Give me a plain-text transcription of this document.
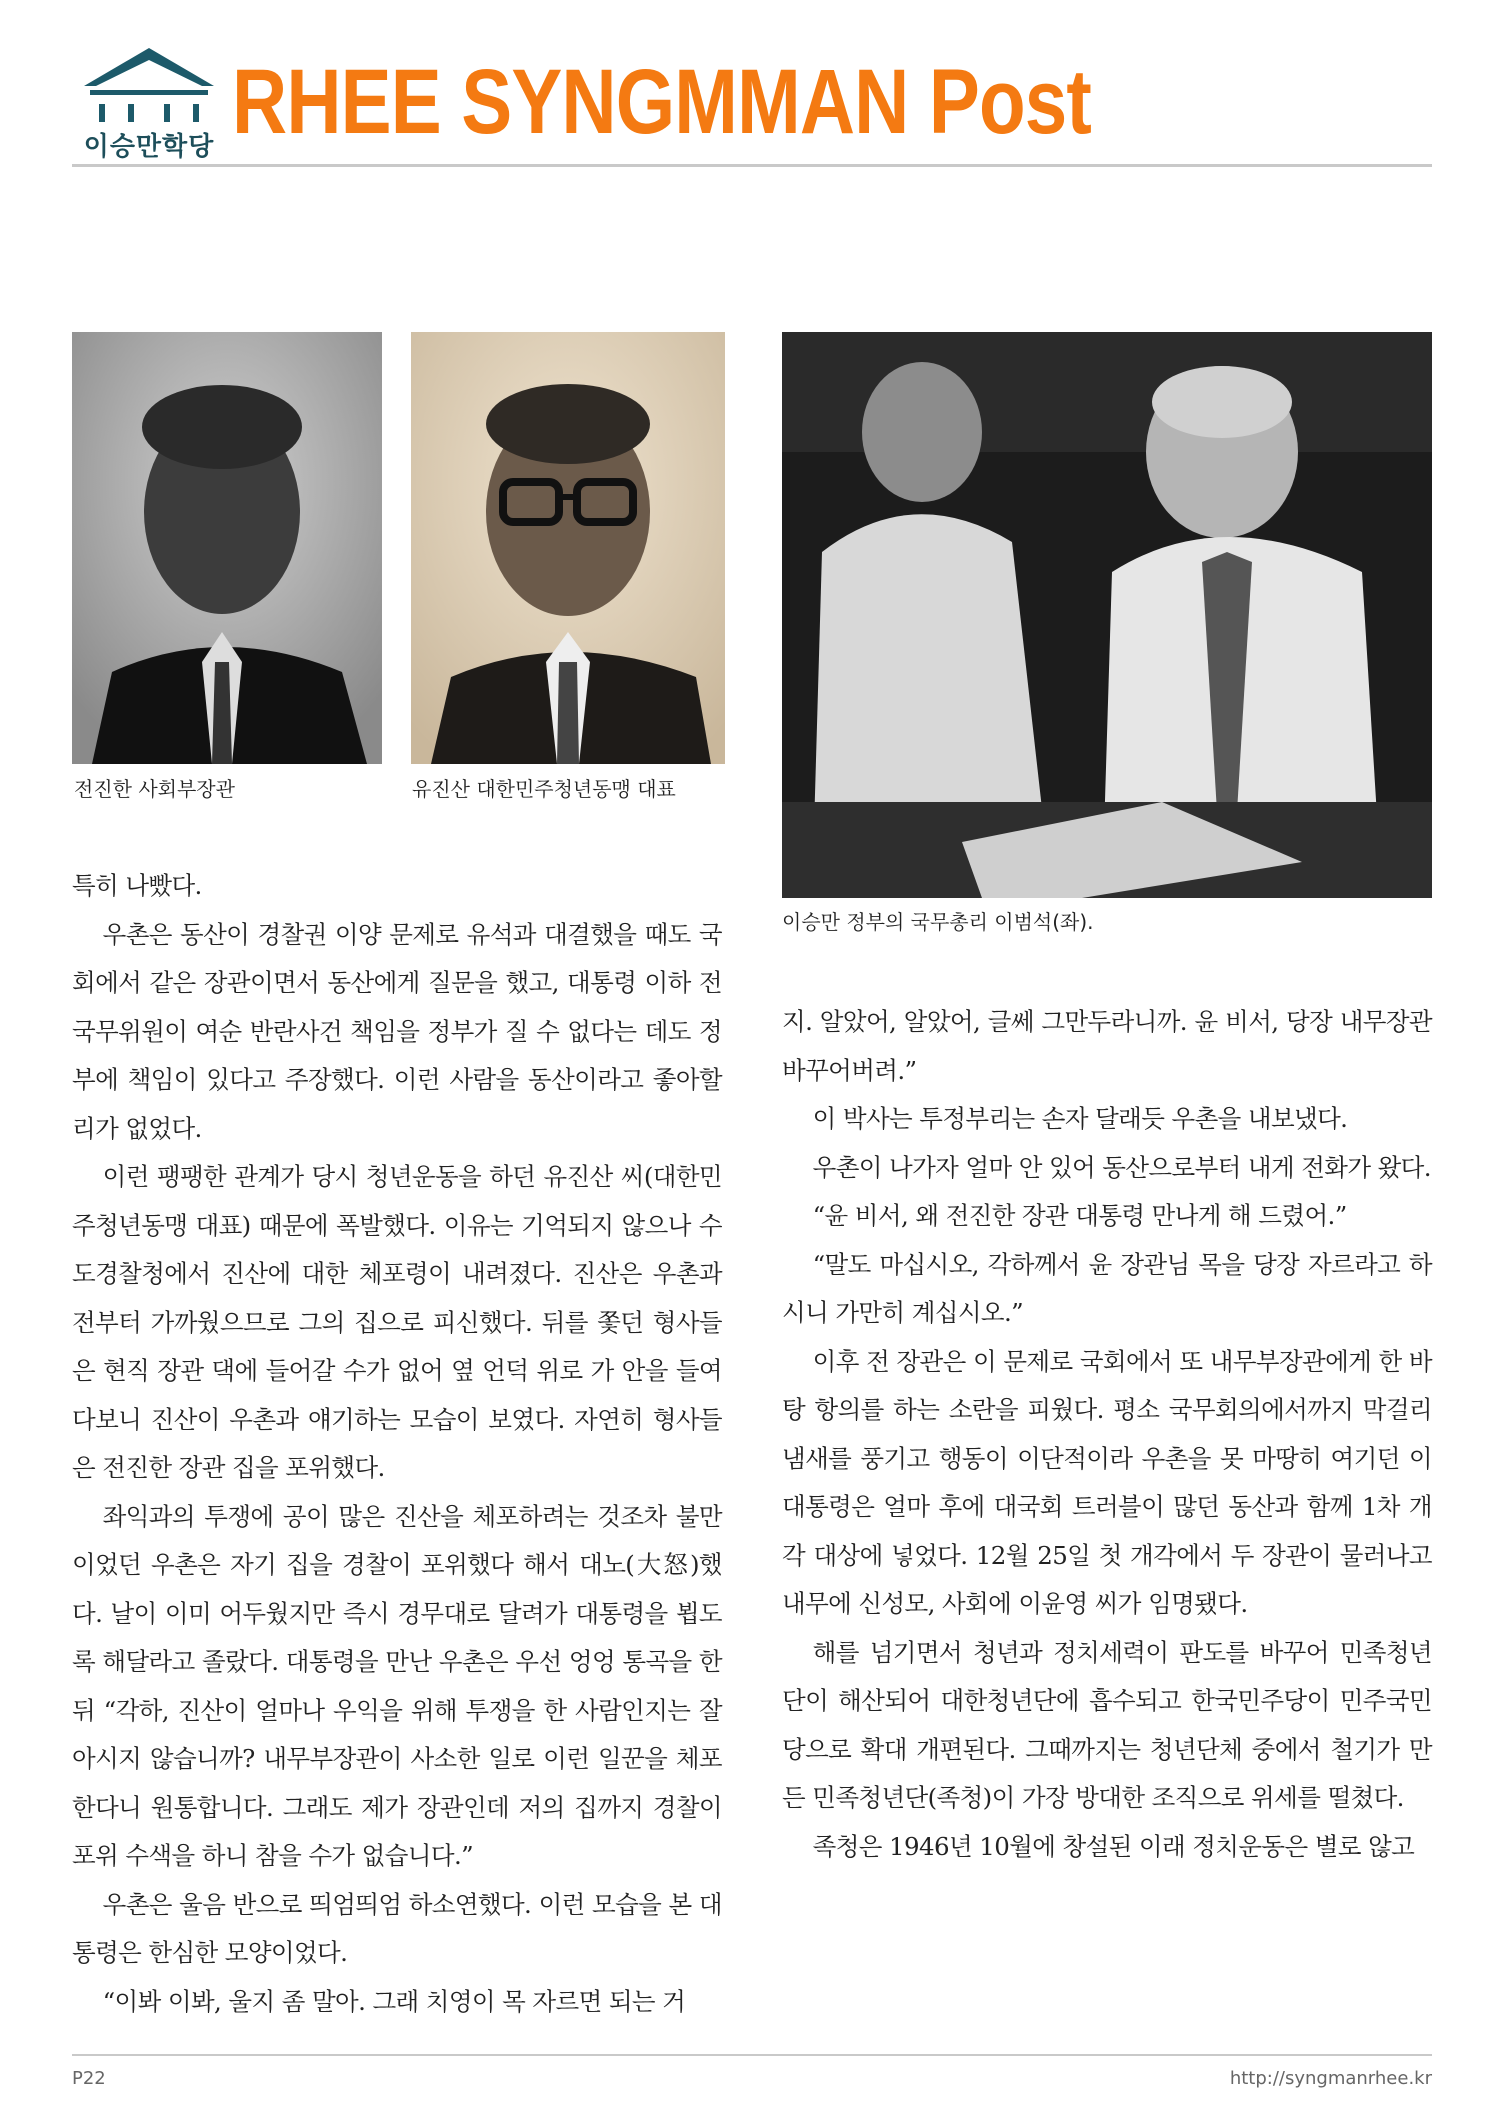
이승만학당 RHEE SYNGMMAN Post
전진한 사회부장관	유진산 대한민주청년동맹 대표
이승만 정부의 국무총리 이범석(좌).

특히 나빴다.

우촌은 동산이 경찰권 이양 문제로 유석과 대결했을 때도 국회에서 같은 장관이면서 동산에게 질문을 했고, 대통령 이하 전 국무위원이 여순 반란사건 책임을 정부가 질 수 없다는 데도 정부에 책임이 있다고 주장했다. 이런 사람을 동산이라고 좋아할 리가 없었다.

이런 팽팽한 관계가 당시 청년운동을 하던 유진산 씨(대한민주청년동맹 대표) 때문에 폭발했다. 이유는 기억되지 않으나 수도경찰청에서 진산에 대한 체포령이 내려졌다. 진산은 우촌과 전부터 가까웠으므로 그의 집으로 피신했다. 뒤를 쫓던 형사들은 현직 장관 댁에 들어갈 수가 없어 옆 언덕 위로 가 안을 들여다보니 진산이 우촌과 얘기하는 모습이 보였다. 자연히 형사들은 전진한 장관 집을 포위했다.

좌익과의 투쟁에 공이 많은 진산을 체포하려는 것조차 불만이었던 우촌은 자기 집을 경찰이 포위했다 해서 대노(大怒)했다. 날이 이미 어두웠지만 즉시 경무대로 달려가 대통령을 뵙도록 해달라고 졸랐다. 대통령을 만난 우촌은 우선 엉엉 통곡을 한 뒤 “각하, 진산이 얼마나 우익을 위해 투쟁을 한 사람인지는 잘 아시지 않습니까? 내무부장관이 사소한 일로 이런 일꾼을 체포한다니 원통합니다. 그래도 제가 장관인데 저의 집까지 경찰이 포위 수색을 하니 참을 수가 없습니다.”

우촌은 울음 반으로 띄엄띄엄 하소연했다. 이런 모습을 본 대통령은 한심한 모양이었다.

“이봐 이봐, 울지 좀 말아. 그래 치영이 목 자르면 되는 거

지. 알았어, 알았어, 글쎄 그만두라니까. 윤 비서, 당장 내무장관 바꾸어버려.”

이 박사는 투정부리는 손자 달래듯 우촌을 내보냈다.

우촌이 나가자 얼마 안 있어 동산으로부터 내게 전화가 왔다.

“윤 비서, 왜 전진한 장관 대통령 만나게 해 드렸어.”

“말도 마십시오, 각하께서 윤 장관님 목을 당장 자르라고 하시니 가만히 계십시오.”

이후 전 장관은 이 문제로 국회에서 또 내무부장관에게 한 바탕 항의를 하는 소란을 피웠다. 평소 국무회의에서까지 막걸리 냄새를 풍기고 행동이 이단적이라 우촌을 못 마땅히 여기던 이 대통령은 얼마 후에 대국회 트러블이 많던 동산과 함께 1차 개각 대상에 넣었다. 12월 25일 첫 개각에서 두 장관이 물러나고 내무에 신성모, 사회에 이윤영 씨가 임명됐다.

해를 넘기면서 청년과 정치세력이 판도를 바꾸어 민족청년단이 해산되어 대한청년단에 흡수되고 한국민주당이 민주국민당으로 확대 개편된다. 그때까지는 청년단체 중에서 철기가 만든 민족청년단(족청)이 가장 방대한 조직으로 위세를 떨쳤다.

족청은 1946년 10월에 창설된 이래 정치운동은 별로 않고

P22	http://syngmanrhee.kr
